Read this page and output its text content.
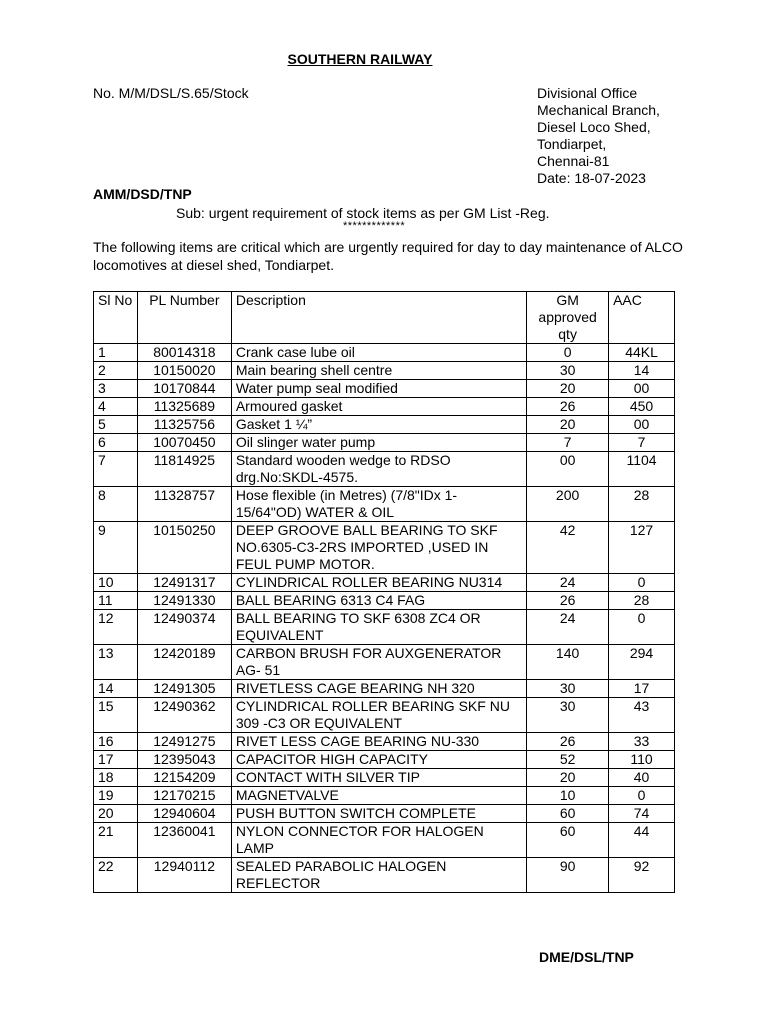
SOUTHERN RAILWAY
No. M/M/DSL/S.65/Stock	Divisional Office
Mechanical Branch,
Diesel Loco Shed,
Tondiarpet,
Chennai-81
Date: 18-07-2023
AMM/DSD/TNP
Sub: urgent requirement of stock items as per GM List -Reg.
*************
The following items are critical which are urgently required for day to day maintenance of ALCO locomotives at diesel shed, Tondiarpet.
Sl No	PL Number	Description	GM approved qty	AAC
1	80014318	Crank case lube oil	0	44KL
2	10150020	Main bearing shell centre	30	14
3	10170844	Water pump seal modified	20	00
4	11325689	Armoured gasket	26	450
5	11325756	Gasket 1 ¼”	20	00
6	10070450	Oil slinger water pump	7	7
7	11814925	Standard wooden wedge to RDSO drg.No:SKDL-4575.	00	1104
8	11328757	Hose flexible (in Metres) (7/8"IDx 1-15/64"OD) WATER & OIL	200	28
9	10150250	DEEP GROOVE BALL BEARING TO SKF NO.6305-C3-2RS IMPORTED ,USED IN FEUL PUMP MOTOR.	42	127
10	12491317	CYLINDRICAL ROLLER BEARING NU314	24	0
11	12491330	BALL BEARING 6313 C4 FAG	26	28
12	12490374	BALL BEARING TO SKF 6308 ZC4 OR EQUIVALENT	24	0
13	12420189	CARBON BRUSH FOR AUXGENERATOR AG- 51	140	294
14	12491305	RIVETLESS CAGE BEARING NH 320	30	17
15	12490362	CYLINDRICAL ROLLER BEARING SKF NU 309 -C3 OR EQUIVALENT	30	43
16	12491275	RIVET LESS CAGE BEARING NU-330	26	33
17	12395043	CAPACITOR HIGH CAPACITY	52	110
18	12154209	CONTACT WITH SILVER TIP	20	40
19	12170215	MAGNETVALVE	10	0
20	12940604	PUSH BUTTON SWITCH COMPLETE	60	74
21	12360041	NYLON CONNECTOR FOR HALOGEN LAMP	60	44
22	12940112	SEALED PARABOLIC HALOGEN REFLECTOR	90	92
DME/DSL/TNP
